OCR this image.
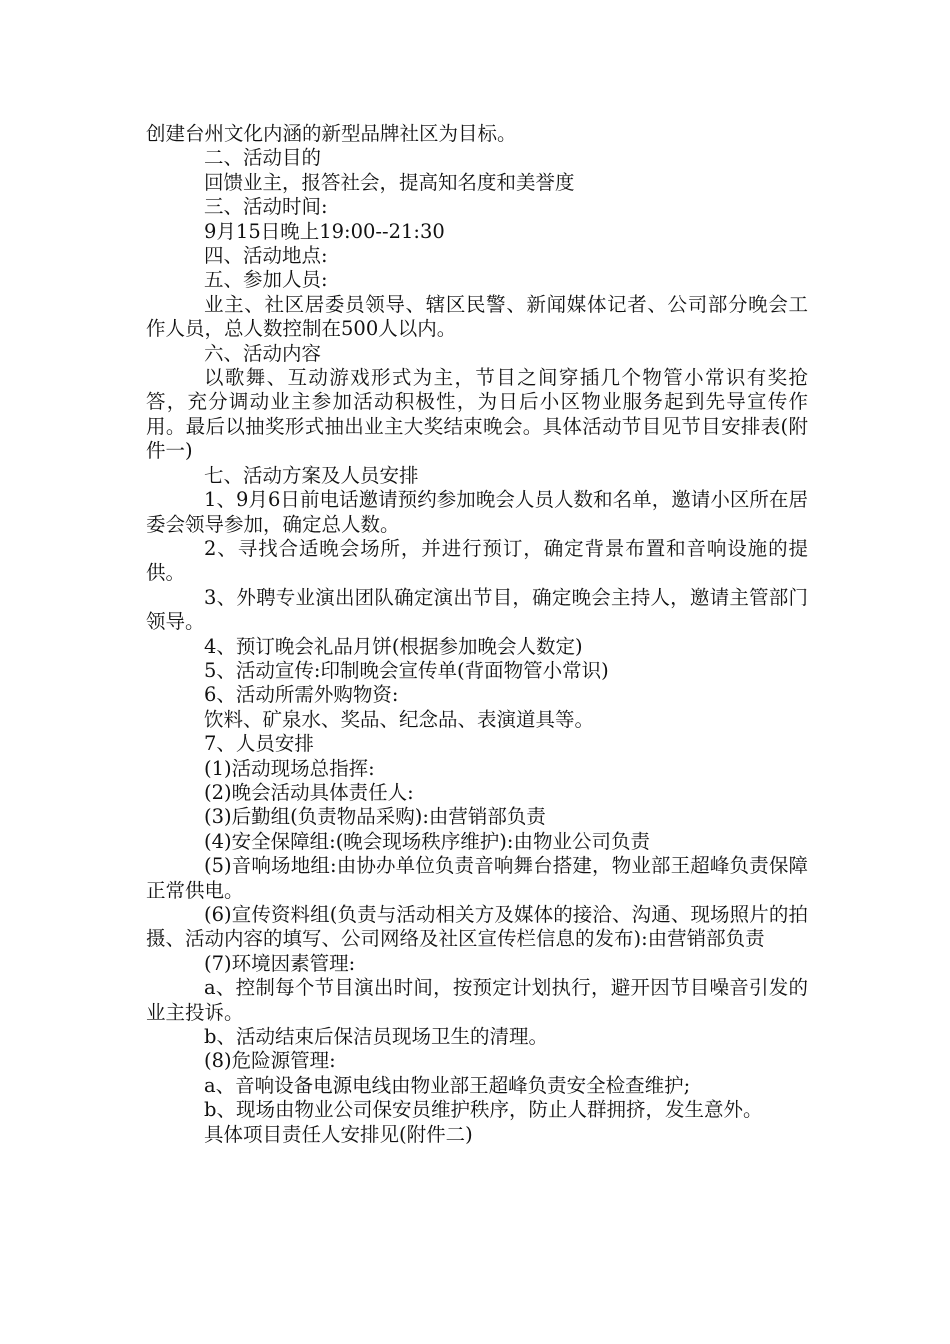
创建台州文化内涵的新型品牌社区为目标。

二、活动目的

回馈业主，报答社会，提高知名度和美誉度

三、活动时间:

9月15日晚上19:00--21:30

四、活动地点:

五、参加人员:

业主、社区居委员领导、辖区民警、新闻媒体记者、公司部分晚会工作人员，总人数控制在500人以内。

六、活动内容

以歌舞、互动游戏形式为主，节目之间穿插几个物管小常识有奖抢答，充分调动业主参加活动积极性，为日后小区物业服务起到先导宣传作用。最后以抽奖形式抽出业主大奖结束晚会。具体活动节目见节目安排表(附件一)

七、活动方案及人员安排

1、9月6日前电话邀请预约参加晚会人员人数和名单，邀请小区所在居委会领导参加，确定总人数。

2、寻找合适晚会场所，并进行预订，确定背景布置和音响设施的提供。

3、外聘专业演出团队确定演出节目，确定晚会主持人，邀请主管部门领导。

4、预订晚会礼品月饼(根据参加晚会人数定)

5、活动宣传:印制晚会宣传单(背面物管小常识)

6、活动所需外购物资:

饮料、矿泉水、奖品、纪念品、表演道具等。

7、人员安排

(1)活动现场总指挥:

(2)晚会活动具体责任人:

(3)后勤组(负责物品采购):由营销部负责

(4)安全保障组:(晚会现场秩序维护):由物业公司负责

(5)音响场地组:由协办单位负责音响舞台搭建，物业部王超峰负责保障正常供电。

(6)宣传资料组(负责与活动相关方及媒体的接洽、沟通、现场照片的拍摄、活动内容的填写、公司网络及社区宣传栏信息的发布):由营销部负责

(7)环境因素管理:

a、控制每个节目演出时间，按预定计划执行，避开因节目噪音引发的业主投诉。

b、活动结束后保洁员现场卫生的清理。

(8)危险源管理:

a、音响设备电源电线由物业部王超峰负责安全检查维护;

b、现场由物业公司保安员维护秩序，防止人群拥挤，发生意外。

具体项目责任人安排见(附件二)
